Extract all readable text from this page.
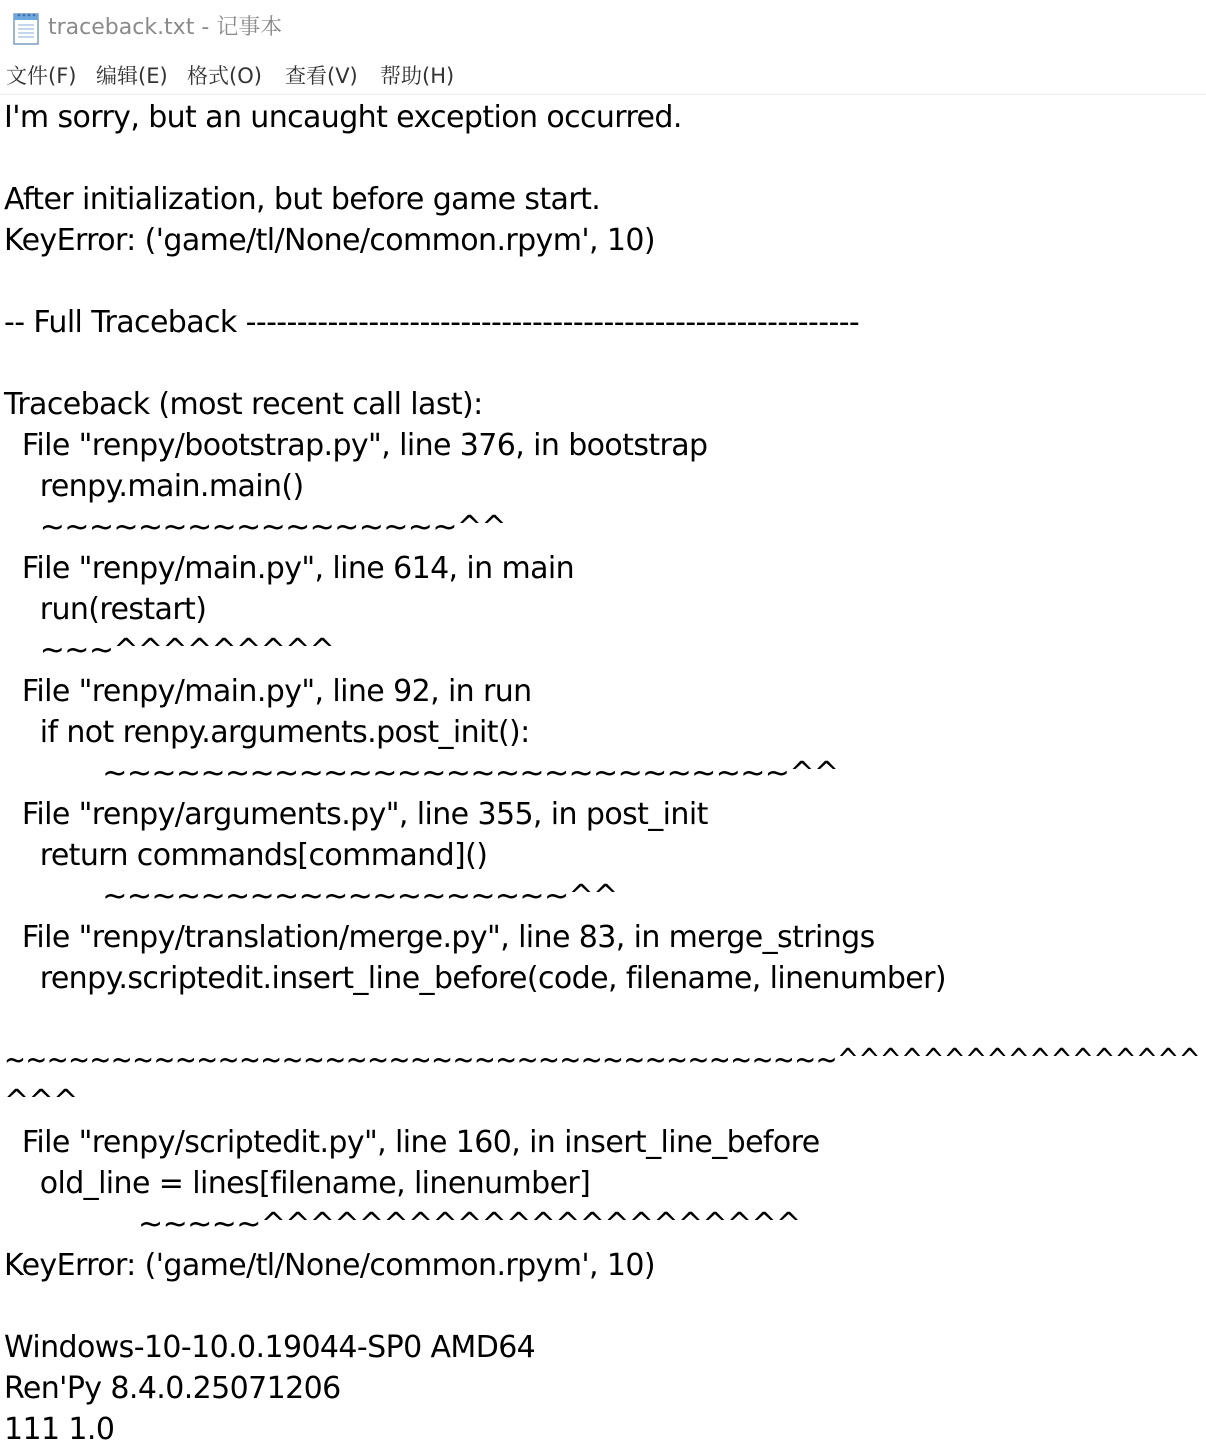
traceback.txt - 记事本
文件(F) 编辑(E) 格式(O) 查看(V) 帮助(H)
I'm sorry, but an uncaught exception occurred.
After initialization, but before game start.
KeyError: ('game/tl/None/common.rpym', 10)
-- Full Traceback ------------------------------------------------------------
Traceback (most recent call last):
File "renpy/bootstrap.py", line 376, in bootstrap
renpy.main.main()
~~~~~~~~~~~~~~~~~^^
File "renpy/main.py", line 614, in main
run(restart)
~~~^^^^^^^^^
File "renpy/main.py", line 92, in run
if not renpy.arguments.post_init():
~~~~~~~~~~~~~~~~~~~~~~~~~~~~^^
File "renpy/arguments.py", line 355, in post_init
return commands[command]()
~~~~~~~~~~~~~~~~~~~^^
File "renpy/translation/merge.py", line 83, in merge_strings
renpy.scriptedit.insert_line_before(code, filename, linenumber)
~~~~~~~~~~~~~~~~~~~~~~~~~~~~~~~~~~~~~~~^^^^^^^^^^^^^^^^^
^^^
File "renpy/scriptedit.py", line 160, in insert_line_before
old_line = lines[filename, linenumber]
~~~~~^^^^^^^^^^^^^^^^^^^^^^
KeyError: ('game/tl/None/common.rpym', 10)
Windows-10-10.0.19044-SP0 AMD64
Ren'Py 8.4.0.25071206
111 1.0
